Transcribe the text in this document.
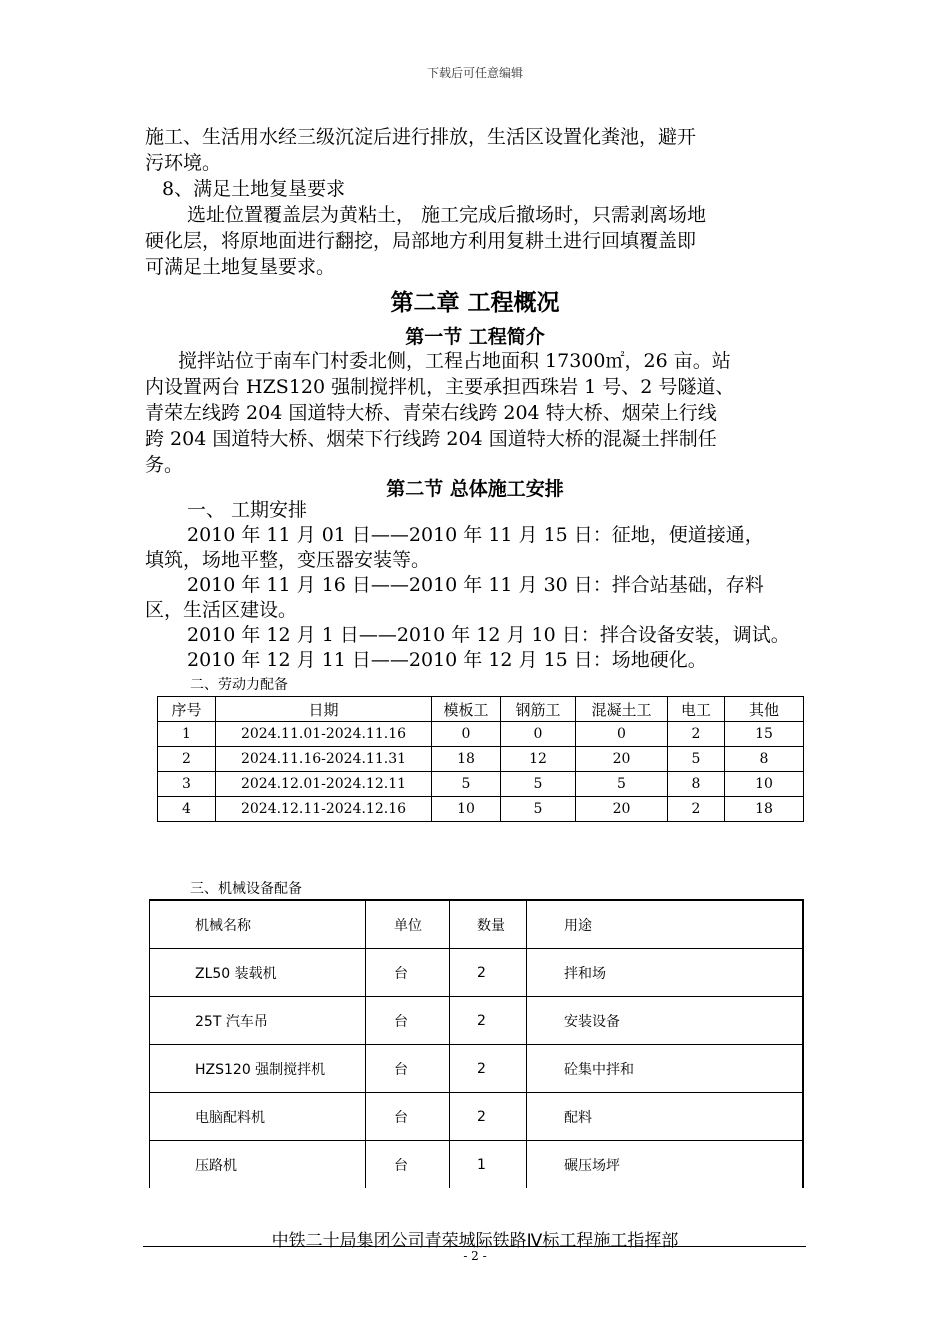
下载后可任意编辑
施工、生活用水经三级沉淀后进行排放，生活区设置化粪池，避开
污环境。
8、满足土地复垦要求
选址位置覆盖层为黄粘土， 施工完成后撤场时，只需剥离场地
硬化层，将原地面进行翻挖，局部地方利用复耕土进行回填覆盖即
可满足土地复垦要求。
第二章 工程概况
第一节 工程简介
搅拌站位于南车门村委北侧，工程占地面积 17300㎡，26 亩。站
内设置两台 HZS120 强制搅拌机，主要承担西珠岩 1 号、2 号隧道、
青荣左线跨 204 国道特大桥、青荣右线跨 204 特大桥、烟荣上行线
跨 204 国道特大桥、烟荣下行线跨 204 国道特大桥的混凝土拌制任
务。
第二节 总体施工安排
一、 工期安排
2010 年 11 月 01 日——2010 年 11 月 15 日：征地，便道接通，
填筑，场地平整，变压器安装等。
2010 年 11 月 16 日——2010 年 11 月 30 日：拌合站基础，存料
区，生活区建设。
2010 年 12 月 1 日——2010 年 12 月 10 日：拌合设备安装，调试。
2010 年 12 月 11 日——2010 年 12 月 15 日：场地硬化。
二、劳动力配备
序号	日期	模板工	钢筋工	混凝土工	电工	其他
1	2024.11.01-2024.11.16	0	0	0	2	15
2	2024.11.16-2024.11.31	18	12	20	5	8
3	2024.12.01-2024.12.11	5	5	5	8	10
4	2024.12.11-2024.12.16	10	5	20	2	18
三、机械设备配备
机械名称	单位	数量	用途
ZL50 装载机	台	2	拌和场
25T 汽车吊	台	2	安装设备
HZS120 强制搅拌机	台	2	砼集中拌和
电脑配料机	台	2	配料
压路机	台	1	碾压场坪
中铁二十局集团公司青荣城际铁路Ⅳ标工程施工指挥部
- 2 -
